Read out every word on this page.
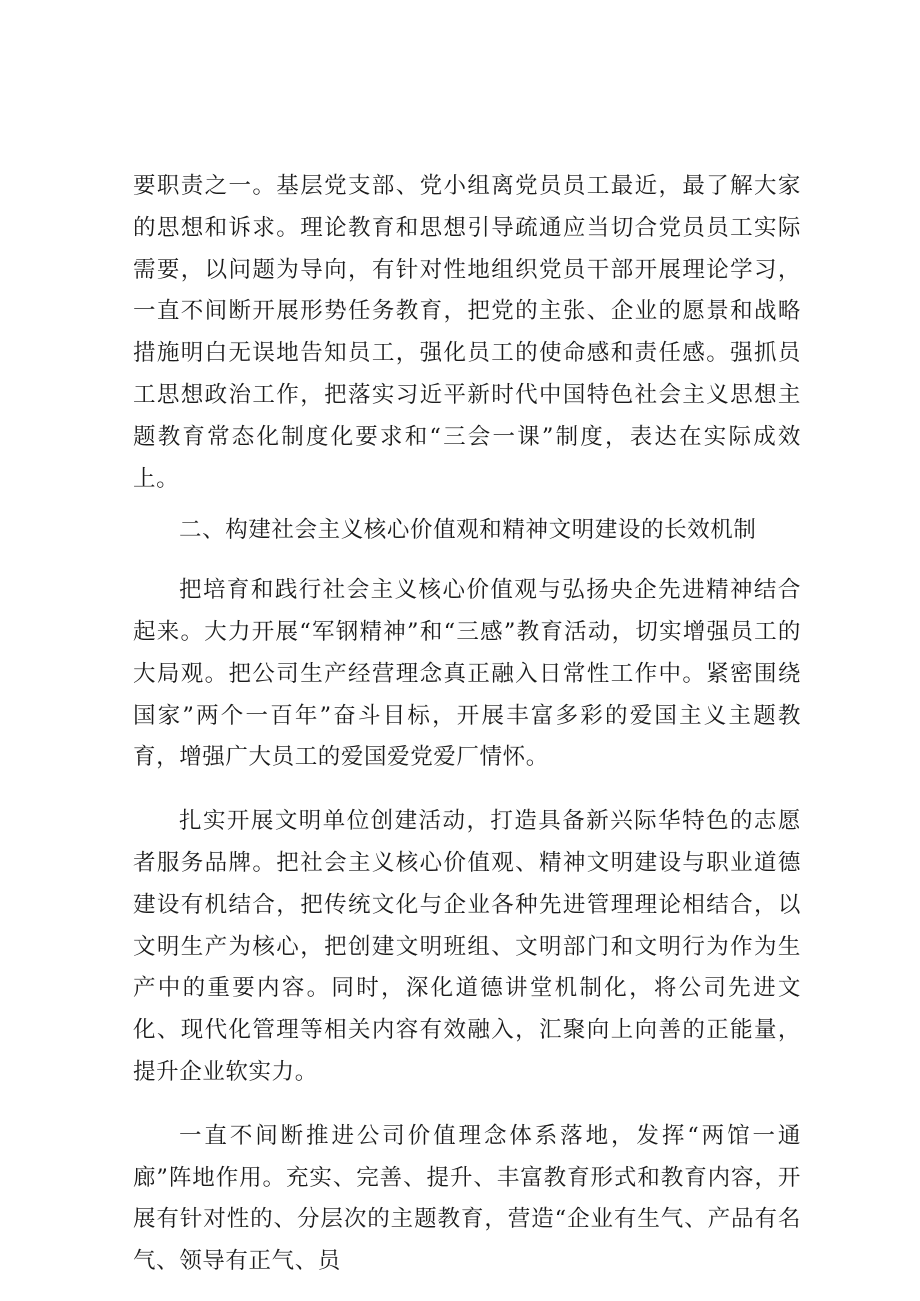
要职责之一。基层党支部、党小组离党员员工最近，最了解大家的思想和诉求。理论教育和思想引导疏通应当切合党员员工实际需要，以问题为导向，有针对性地组织党员干部开展理论学习，一直不间断开展形势任务教育，把党的主张、企业的愿景和战略措施明白无误地告知员工，强化员工的使命感和责任感。强抓员工思想政治工作，把落实习近平新时代中国特色社会主义思想主题教育常态化制度化要求和“三会一课”制度，表达在实际成效上。

二、构建社会主义核心价值观和精神文明建设的长效机制

把培育和践行社会主义核心价值观与弘扬央企先进精神结合起来。大力开展“军钢精神”和“三感”教育活动，切实增强员工的大局观。把公司生产经营理念真正融入日常性工作中。紧密围绕国家”两个一百年”奋斗目标，开展丰富多彩的爱国主义主题教育，增强广大员工的爱国爱党爱厂情怀。

扎实开展文明单位创建活动，打造具备新兴际华特色的志愿者服务品牌。把社会主义核心价值观、精神文明建设与职业道德建设有机结合，把传统文化与企业各种先进管理理论相结合，以文明生产为核心，把创建文明班组、文明部门和文明行为作为生产中的重要内容。同时，深化道德讲堂机制化，将公司先进文化、现代化管理等相关内容有效融入，汇聚向上向善的正能量，提升企业软实力。

一直不间断推进公司价值理念体系落地，发挥“两馆一通廊”阵地作用。充实、完善、提升、丰富教育形式和教育内容，开展有针对性的、分层次的主题教育，营造“企业有生气、产品有名气、领导有正气、员
